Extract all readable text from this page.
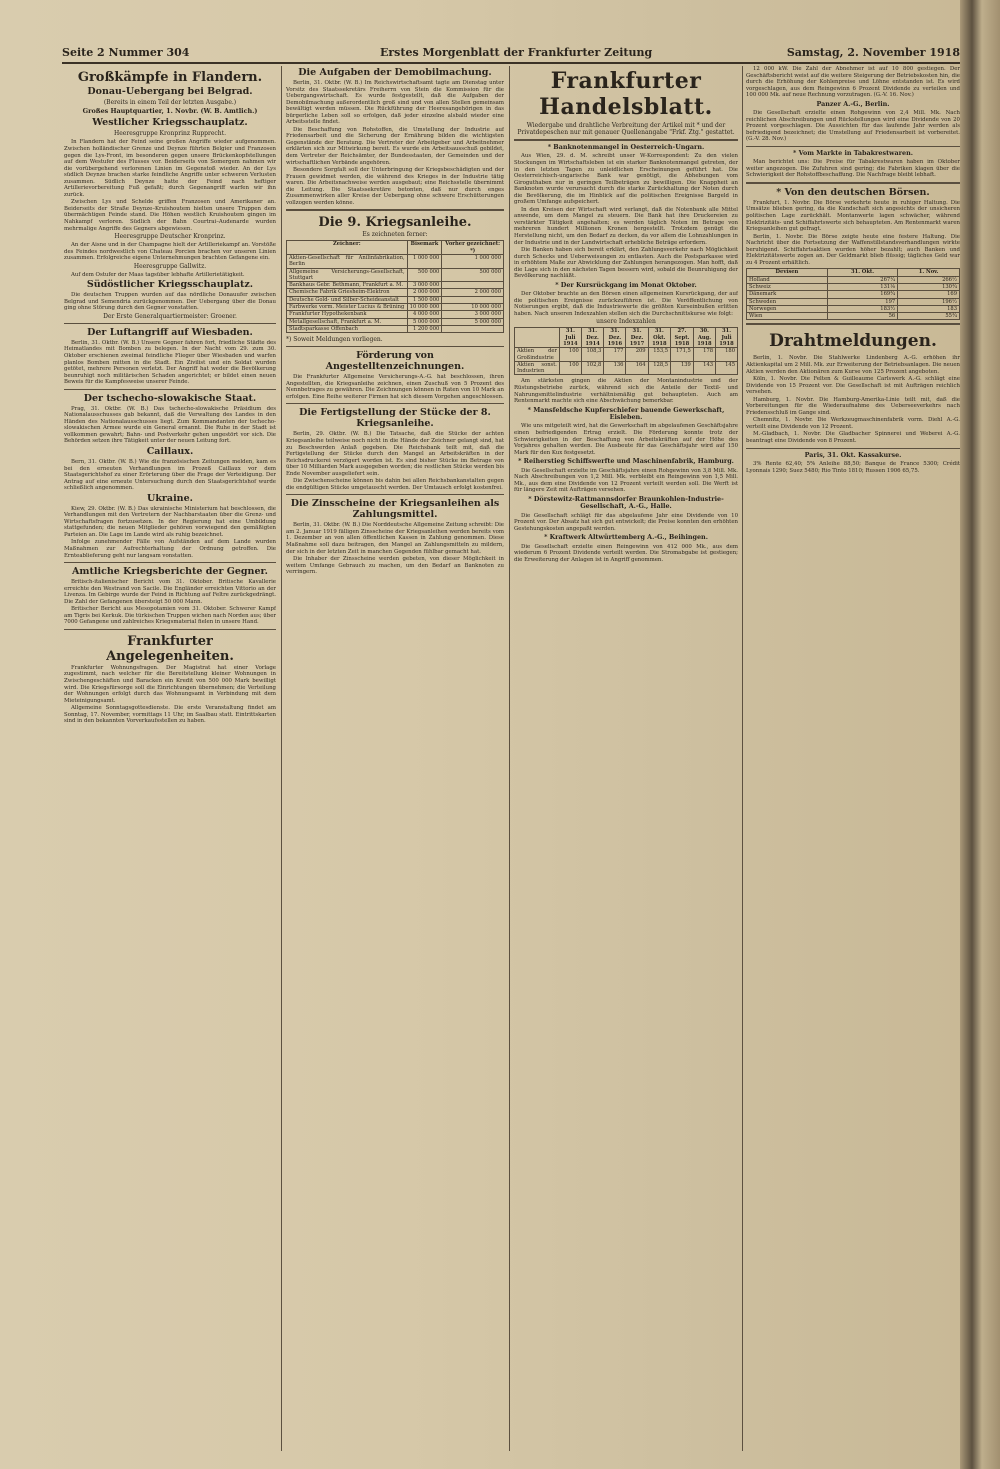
Seite 2 Nummer 304	Erstes Morgenblatt der Frankfurter Zeitung	Samstag, 2. November 1918
Großkämpfe in Flandern.
Donau-Uebergang bei Belgrad.
(Bereits in einem Teil der letzten Ausgabe.)
Großes Hauptquartier, 1. Novbr. (W. B. Amtlich.)
Westlicher Kriegsschauplatz.
Heeresgruppe Kronprinz Rupprecht.

In Flandern hat der Feind seine großen Angriffe wieder aufgenommen. Zwischen holländischer Grenze und Deynze führten Belgier und Franzosen gegen die Lys-Front, im besonderen gegen unsere Brückenkopfstellungen auf dem Westufer des Flusses vor. Beiderseits von Somergem nahmen wir die vorübergehend verlorenen Linien im Gegenstoß wieder. An der Lys südlich Deynze brachen starke feindliche Angriffe unter schweren Verlusten zusammen. Südlich Deynze hatte der Feind nach heftiger Artillerievorbereitung Fuß gefaßt; durch Gegenangriff warfen wir ihn zurück.

Zwischen Lys und Schelde griffen Franzosen und Amerikaner an. Beiderseits der Straße Deynze–Kruishoutem hielten unsere Truppen dem übermächtigen Feinde stand. Die Höhen westlich Kruishoutem gingen im Nahkampf verloren. Südlich der Bahn Courtrai–Audenarde wurden mehrmalige Angriffe des Gegners abgewiesen.

Heeresgruppe Deutscher Kronprinz.

An der Aisne und in der Champagne hielt der Artilleriekampf an. Vorstöße des Feindes nordwestlich von Chateau Porcien brachen vor unseren Linien zusammen. Erfolgreiche eigene Unternehmungen brachten Gefangene ein.

Heeresgruppe Gallwitz.

Auf dem Ostufer der Maas tagsüber lebhafte Artillerietätigkeit.

Südöstlicher Kriegsschauplatz.

Die deutschen Truppen wurden auf das nördliche Donauufer zwischen Belgrad und Semendria zurückgenommen. Der Uebergang über die Donau ging ohne Störung durch den Gegner vonstatten.

Der Erste Generalquartiermeister: Groener.
Der Luftangriff auf Wiesbaden.

Berlin, 31. Oktbr. (W. B.) Unsere Gegner fahren fort, friedliche Städte des Heimatlandes mit Bomben zu belegen. In der Nacht vom 29. zum 30. Oktober erschienen zweimal feindliche Flieger über Wiesbaden und warfen planlos Bomben mitten in die Stadt. Ein Zivilist und ein Soldat wurden getötet, mehrere Personen verletzt. Der Angriff hat weder die Bevölkerung beunruhigt noch militärischen Schaden angerichtet; er bildet einen neuen Beweis für die Kampfesweise unserer Feinde.

Der tschecho-slowakische Staat.

Prag, 31. Oktbr. (W. B.) Das tschecho-slowakische Präsidium des Nationalausschusses gab bekannt, daß die Verwaltung des Landes in den Händen des Nationalausschusses liegt. Zum Kommandanten der tschecho-slowakischen Armee wurde ein General ernannt. Die Ruhe in der Stadt ist vollkommen gewahrt; Bahn- und Postverkehr gehen ungestört vor sich. Die Behörden setzen ihre Tätigkeit unter der neuen Leitung fort.

Caillaux.

Bern, 31. Oktbr. (W. B.) Wie die französischen Zeitungen melden, kam es bei den erneuten Verhandlungen im Prozeß Caillaux vor dem Staatsgerichtshof zu einer Erörterung über die Frage der Verteidigung. Der Antrag auf eine erneute Untersuchung durch den Staatsgerichtshof wurde schließlich angenommen.

Ukraine.

Kiew, 29. Oktbr. (W. B.) Das ukrainische Ministerium hat beschlossen, die Verhandlungen mit den Vertretern der Nachbarstaaten über die Grenz- und Wirtschaftsfragen fortzusetzen. In der Regierung hat eine Umbildung stattgefunden; die neuen Mitglieder gehören vorwiegend den gemäßigten Parteien an. Die Lage im Lande wird als ruhig bezeichnet.

Infolge zunehmender Fälle von Aufständen auf dem Lande wurden Maßnahmen zur Aufrechterhaltung der Ordnung getroffen. Die Ernteablieferung geht nur langsam vonstatten.

Amtliche Kriegsberichte der Gegner.

Britisch-italienischer Bericht vom 31. Oktober. Britische Kavallerie erreichte den Westrand von Sacile. Die Engländer erreichten Vittorio an der Livenza. Im Gebirge wurde der Feind in Richtung auf Feltre zurückgedrängt. Die Zahl der Gefangenen übersteigt 50 000 Mann.

Britischer Bericht aus Mesopotamien vom 31. Oktober. Schwerer Kampf am Tigris bei Kerkuk. Die türkischen Truppen wichen nach Norden aus; über 7000 Gefangene und zahlreiches Kriegsmaterial fielen in unsere Hand.

Frankfurter Angelegenheiten.

Frankfurter Wohnungsfragen. Der Magistrat hat einer Vorlage zugestimmt, nach welcher für die Bereitstellung kleiner Wohnungen in Zwischengeschäften und Baracken ein Kredit von 500 000 Mark bewilligt wird. Die Kriegsfürsorge soll die Einrichtungen übernehmen; die Verteilung der Wohnungen erfolgt durch das Wohnungsamt in Verbindung mit dem Mieteinigungsamt.

Allgemeine Sonntagsgottesdienste. Die erste Veranstaltung findet am Sonntag, 17. November, vormittags 11 Uhr, im Saalbau statt. Eintrittskarten sind in den bekannten Vorverkaufsstellen zu haben.

Die Aufgaben der Demobilmachung.

Berlin, 31. Oktbr. (W. B.) Im Reichswirtschaftsamt tagte am Dienstag unter Vorsitz des Staatssekretärs Freiherrn von Stein die Kommission für die Uebergangswirtschaft. Es wurde festgestellt, daß die Aufgaben der Demobilmachung außerordentlich groß sind und von allen Stellen gemeinsam bewältigt werden müssen. Die Rückführung der Heeresangehörigen in das bürgerliche Leben soll so erfolgen, daß jeder einzelne alsbald wieder eine Arbeitsstelle findet.

Die Beschaffung von Rohstoffen, die Umstellung der Industrie auf Friedensarbeit und die Sicherung der Ernährung bilden die wichtigsten Gegenstände der Beratung. Die Vertreter der Arbeitgeber und Arbeitnehmer erklärten sich zur Mitwirkung bereit. Es wurde ein Arbeitsausschuß gebildet, dem Vertreter der Reichsämter, der Bundesstaaten, der Gemeinden und der wirtschaftlichen Verbände angehören.

Besondere Sorgfalt soll der Unterbringung der Kriegsbeschädigten und der Frauen gewidmet werden, die während des Krieges in der Industrie tätig waren. Die Arbeitsnachweise werden ausgebaut; eine Reichsstelle übernimmt die Leitung. Die Staatssekretäre betonten, daß nur durch enges Zusammenwirken aller Kreise der Uebergang ohne schwere Erschütterungen vollzogen werden könne.

Die 9. Kriegsanleihe.
Es zeichneten ferner:
Zeichner:	Bisemark	Vorher gezeichnet: *)
Aktien-Gesellschaft für Anilinfabrikation, Berlin	1 000 000	1 000 000
Allgemeine Versicherungs-Gesellschaft, Stuttgart	500 000	500 000
Bankhaus Gebr. Bethmann, Frankfurt a. M.	3 000 000	
Chemische Fabrik Griesheim-Elektron	2 000 000	2 000 000
Deutsche Gold- und Silber-Scheideanstalt	1 500 000	
Farbwerke vorm. Meister Lucius & Brüning	10 000 000	10 000 000
Frankfurter Hypothekenbank	4 000 000	3 000 000
Metallgesellschaft, Frankfurt a. M.	5 000 000	5 000 000
Stadtsparkasse Offenbach	1 200 000	
*) Soweit Meldungen vorliegen.
Förderung von Angestelltenzeichnungen.

Die Frankfurter Allgemeine Versicherungs-A.-G. hat beschlossen, ihren Angestellten, die Kriegsanleihe zeichnen, einen Zuschuß von 5 Prozent des Nennbetrages zu gewähren. Die Zeichnungen können in Raten von 10 Mark an erfolgen. Eine Reihe weiterer Firmen hat sich diesem Vorgehen angeschlossen.

Die Fertigstellung der Stücke der 8. Kriegsanleihe.

Berlin, 29. Oktbr. (W. B.) Die Tatsache, daß die Stücke der achten Kriegsanleihe teilweise noch nicht in die Hände der Zeichner gelangt sind, hat zu Beschwerden Anlaß gegeben. Die Reichsbank teilt mit, daß die Fertigstellung der Stücke durch den Mangel an Arbeitskräften in der Reichsdruckerei verzögert worden ist. Es sind bisher Stücke im Betrage von über 10 Milliarden Mark ausgegeben worden; die restlichen Stücke werden bis Ende November ausgeliefert sein.

Die Zwischenscheine können bis dahin bei allen Reichsbankanstalten gegen die endgültigen Stücke umgetauscht werden. Der Umtausch erfolgt kostenfrei.

Die Zinsscheine der Kriegsanleihen als Zahlungsmittel.

Berlin, 31. Oktbr. (W. B.) Die Norddeutsche Allgemeine Zeitung schreibt: Die am 2. Januar 1919 fälligen Zinsscheine der Kriegsanleihen werden bereits vom 1. Dezember an von allen öffentlichen Kassen in Zahlung genommen. Diese Maßnahme soll dazu beitragen, den Mangel an Zahlungsmitteln zu mildern, der sich in der letzten Zeit in manchen Gegenden fühlbar gemacht hat.

Die Inhaber der Zinsscheine werden gebeten, von dieser Möglichkeit in weitem Umfange Gebrauch zu machen, um den Bedarf an Banknoten zu verringern.

Frankfurter Handelsblatt.
Wiedergabe und drahtliche Verbreitung der Artikel mit * und der Privatdepeschen nur mit genauer Quellenangabe "Frkf. Ztg." gestattet.
* Banknotenmangel in Oesterreich-Ungarn.

Aus Wien, 29. d. M. schreibt unser W-Korrespondent: Zu den vielen Stockungen im Wirtschaftsleben ist ein starker Banknotenmangel getreten, der in den letzten Tagen zu unleidlichen Erscheinungen geführt hat. Die Oesterreichisch-ungarische Bank war genötigt, die Abhebungen vom Giroguthaben nur in geringen Teilbeträgen zu bewilligen. Die Knappheit an Banknoten wurde verursacht durch die starke Zurückhaltung der Noten durch die Bevölkerung, die im Hinblick auf die politischen Ereignisse Bargeld in großem Umfange aufspeichert.

In den Kreisen der Wirtschaft wird verlangt, daß die Notenbank alle Mittel anwende, um dem Mangel zu steuern. Die Bank hat ihre Druckereien zu verstärkter Tätigkeit angehalten; es werden täglich Noten im Betrage von mehreren hundert Millionen Kronen hergestellt. Trotzdem genügt die Herstellung nicht, um den Bedarf zu decken, da vor allem die Lohnzahlungen in der Industrie und in der Landwirtschaft erhebliche Beträge erfordern.

Die Banken haben sich bereit erklärt, den Zahlungsverkehr nach Möglichkeit durch Schecks und Ueberweisungen zu entlasten. Auch die Postsparkasse wird in erhöhtem Maße zur Abwicklung der Zahlungen herangezogen. Man hofft, daß die Lage sich in den nächsten Tagen bessern wird, sobald die Beunruhigung der Bevölkerung nachläßt.

* Der Kursrückgang im Monat Oktober.

Der Oktober brachte an den Börsen einen allgemeinen Kursrückgang, der auf die politischen Ereignisse zurückzuführen ist. Die Veröffentlichung von Notierungen ergibt, daß die Industriewerte die größten Kurseinbußen erlitten haben. Nach unseren Indexzahlen stellen sich die Durchschnittskurse wie folgt:

unsere Indexzahlen
	31. Juli 1914	31. Dez. 1914	31. Dez. 1916	31. Dez. 1917	31. Okt. 1918	27. Sept. 1918	30. Aug. 1918	31. Juli 1918
Aktien der Großindustrie	100	108,3	177	209	153,5	171,5	178	180
Aktien sonst. Industrien	100	102,8	136	164	128,5	139	143	145

Am stärksten gingen die Aktien der Montanindustrie und der Rüstungsbetriebe zurück, während sich die Anteile der Textil- und Nahrungsmittelindustrie verhältnismäßig gut behaupteten. Auch am Rentenmarkt machte sich eine Abschwächung bemerkbar.

* Mansfeldsche Kupferschiefer bauende Gewerkschaft, Eisleben.

Wie uns mitgeteilt wird, hat die Gewerkschaft im abgelaufenen Geschäftsjahre einen befriedigenden Ertrag erzielt. Die Förderung konnte trotz der Schwierigkeiten in der Beschaffung von Arbeitskräften auf der Höhe des Vorjahres gehalten werden. Die Ausbeute für das Geschäftsjahr wird auf 150 Mark für den Kux festgesetzt.

* Reiherstieg Schiffswerfte und Maschinenfabrik, Hamburg.

Die Gesellschaft erzielte im Geschäftsjahre einen Rohgewinn von 3,8 Mill. Mk. Nach Abschreibungen von 1,2 Mill. Mk. verbleibt ein Reingewinn von 1,5 Mill. Mk., aus dem eine Dividende von 12 Prozent verteilt werden soll. Die Werft ist für längere Zeit mit Aufträgen versehen.

* Dörstewitz-Rattmannsdorfer Braunkohlen-Industrie-Gesellschaft, A.-G., Halle.

Die Gesellschaft schlägt für das abgelaufene Jahr eine Dividende von 10 Prozent vor. Der Absatz hat sich gut entwickelt; die Preise konnten den erhöhten Gestehungskosten angepaßt werden.

* Kraftwerk Altwürttemberg A.-G., Beihingen.

Die Gesellschaft erzielte einen Reingewinn von 412 000 Mk., aus dem wiederum 6 Prozent Dividende verteilt werden. Die Stromabgabe ist gestiegen; die Erweiterung der Anlagen ist in Angriff genommen.

12 000 kW. Die Zahl der Abnehmer ist auf 10 800 gestiegen. Der Geschäftsbericht weist auf die weitere Steigerung der Betriebskosten hin, die durch die Erhöhung der Kohlenpreise und Löhne entstanden ist. Es wird vorgeschlagen, aus dem Reingewinn 6 Prozent Dividende zu verteilen und 100 000 Mk. auf neue Rechnung vorzutragen. (G.-V. 16. Nov.)

Panzer A.-G., Berlin.

Die Gesellschaft erzielte einen Rohgewinn von 2,4 Mill. Mk. Nach reichlichen Abschreibungen und Rückstellungen wird eine Dividende von 20 Prozent vorgeschlagen. Die Aussichten für das laufende Jahr werden als befriedigend bezeichnet; die Umstellung auf Friedensarbeit ist vorbereitet. (G.-V. 28. Nov.)

* Vom Markte in Tabakrestwaren.

Man berichtet uns: Die Preise für Tabakrestwaren haben im Oktober weiter angezogen. Die Zufuhren sind gering; die Fabriken klagen über die Schwierigkeit der Rohstoffbeschaffung. Die Nachfrage bleibt lebhaft.

* Von den deutschen Börsen.

Frankfurt, 1. Novbr. Die Börse verkehrte heute in ruhiger Haltung. Die Umsätze blieben gering, da die Kundschaft sich angesichts der unsicheren politischen Lage zurückhält. Montanwerte lagen schwächer, während Elektrizitäts- und Schiffahrtswerte sich behaupteten. Am Rentenmarkt waren Kriegsanleihen gut gefragt.

Berlin, 1. Novbr. Die Börse zeigte heute eine festere Haltung. Die Nachricht über die Fortsetzung der Waffenstillstandsverhandlungen wirkte beruhigend. Schiffahrtsaktien wurden höher bezahlt; auch Banken und Elektrizitätswerte zogen an. Der Geldmarkt blieb flüssig; tägliches Geld war zu 4 Prozent erhältlich.

Devisen	31. Okt.	1. Nov.
Holland	267¼	266½
Schweiz	131⅛	130¾
Dänemark	169¾	169
Schweden	197	196½
Norwegen	183½	183
Wien	56	55¾
Drahtmeldungen.

Berlin, 1. Novbr. Die Stahlwerke Lindenberg A.-G. erhöhen ihr Aktienkapital um 2 Mill. Mk. zur Erweiterung der Betriebsanlagen. Die neuen Aktien werden den Aktionären zum Kurse von 125 Prozent angeboten.

Köln, 1. Novbr. Die Felten & Guilleaume Carlswerk A.-G. schlägt eine Dividende von 15 Prozent vor. Die Gesellschaft ist mit Aufträgen reichlich versehen.

Hamburg, 1. Novbr. Die Hamburg-Amerika-Linie teilt mit, daß die Vorbereitungen für die Wiederaufnahme des Ueberseeverkehrs nach Friedensschluß im Gange sind.

Chemnitz, 1. Novbr. Die Werkzeugmaschinenfabrik vorm. Diehl A.-G. verteilt eine Dividende von 12 Prozent.

M.-Gladbach, 1. Novbr. Die Gladbacher Spinnerei und Weberei A.-G. beantragt eine Dividende von 8 Prozent.

Paris, 31. Okt. Kassakurse.

3% Rente 62,40; 5% Anleihe 88,50; Banque de France 5300; Crédit Lyonnais 1290; Suez 5480; Rio Tinto 1810; Russen 1906 65,75.
